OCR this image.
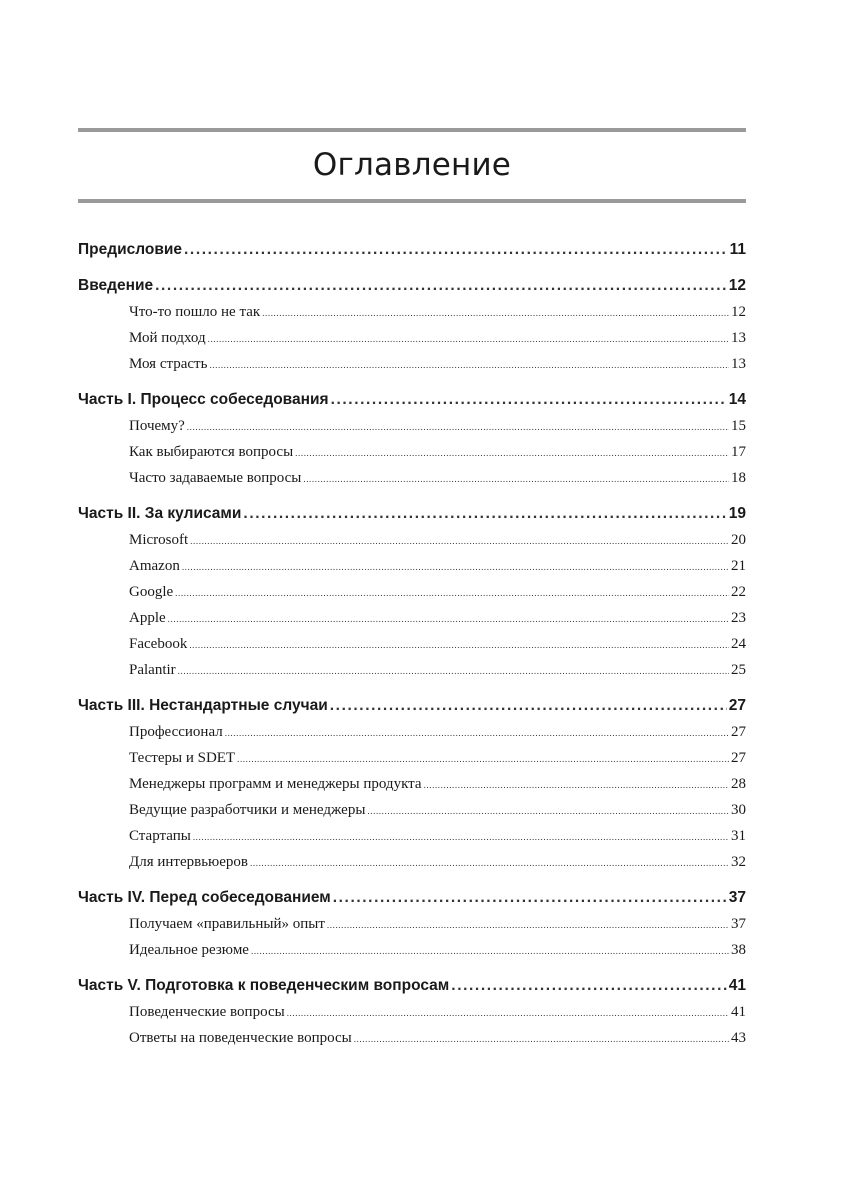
Оглавление
Предисловие .....	11
Введение .....	12
Что-то пошло не так .....	12
Мой подход .....	13
Моя страсть .....	13
Часть I. Процесс собеседования .....	14
Почему? .....	15
Как выбираются вопросы .....	17
Часто задаваемые вопросы .....	18
Часть II. За кулисами .....	19
Microsoft .....	20
Amazon .....	21
Google .....	22
Apple .....	23
Facebook .....	24
Palantir .....	25
Часть III. Нестандартные случаи .....	27
Профессионал .....	27
Тестеры и SDET .....	27
Менеджеры программ и менеджеры продукта .....	28
Ведущие разработчики и менеджеры .....	30
Стартапы .....	31
Для интервьюеров .....	32
Часть IV. Перед собеседованием .....	37
Получаем «правильный» опыт .....	37
Идеальное резюме .....	38
Часть V. Подготовка к поведенческим вопросам .....	41
Поведенческие вопросы .....	41
Ответы на поведенческие вопросы .....	43
